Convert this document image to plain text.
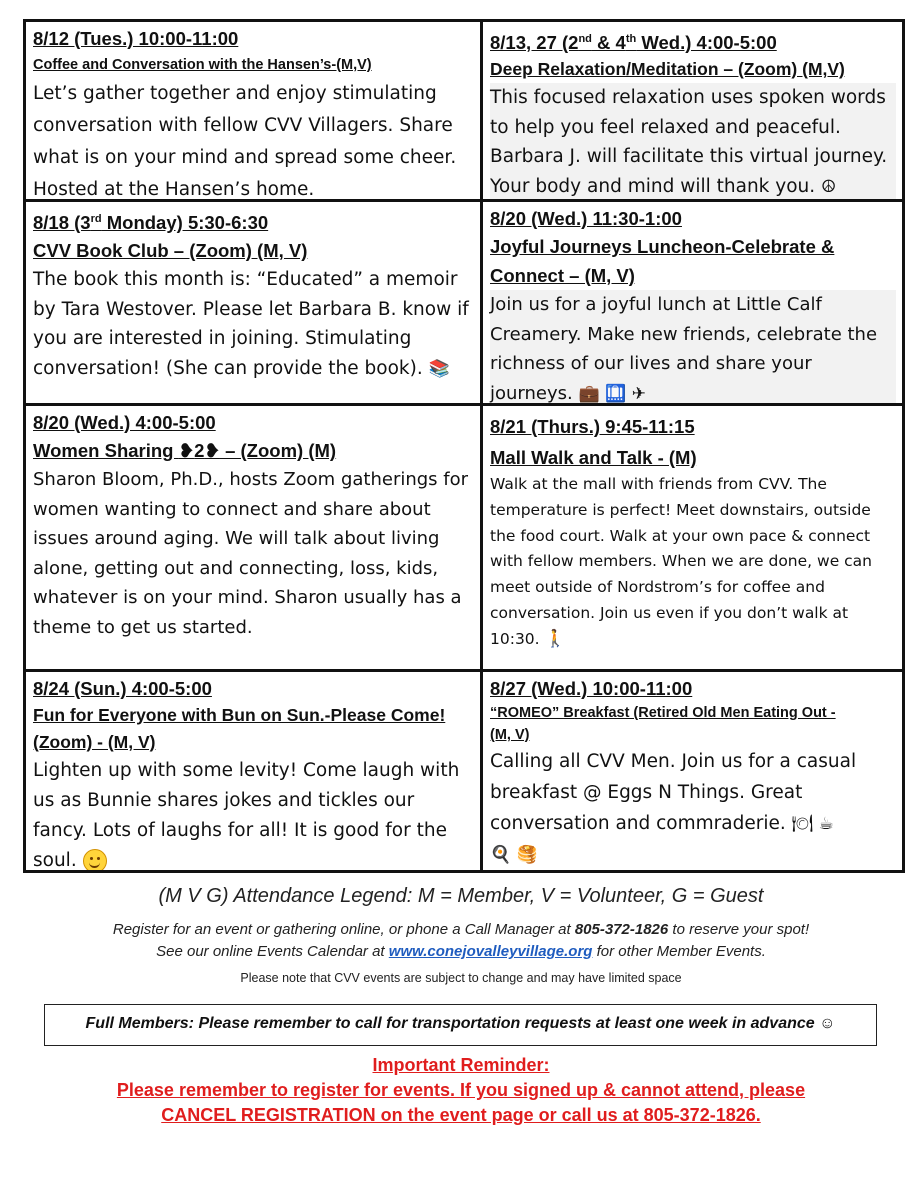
8/12 (Tues.) 10:00-11:00
Coffee and Conversation with the Hansen’s-(M,V)
Let’s gather together and enjoy stimulating conversation with fellow CVV Villagers. Share what is on your mind and spread some cheer. Hosted at the Hansen’s home.
8/13, 27 (2nd & 4th Wed.) 4:00-5:00
Deep Relaxation/Meditation – (Zoom) (M,V)
This focused relaxation uses spoken words to help you feel relaxed and peaceful. Barbara J. will facilitate this virtual journey. Your body and mind will thank you. ☮
8/18 (3rd Monday) 5:30-6:30
CVV Book Club – (Zoom) (M, V)
The book this month is: “Educated” a memoir by Tara Westover. Please let Barbara B. know if you are interested in joining. Stimulating conversation! (She can provide the book). 📚
8/20 (Wed.) 11:30-1:00
Joyful Journeys Luncheon-Celebrate &
Connect – (M, V)
Join us for a joyful lunch at Little Calf Creamery. Make new friends, celebrate the richness of our lives and share your journeys. 💼 🛄 ✈
8/20 (Wed.) 4:00-5:00
Women Sharing ❥2❥ – (Zoom) (M)
Sharon Bloom, Ph.D., hosts Zoom gatherings for women wanting to connect and share about issues around aging. We will talk about living alone, getting out and connecting, loss, kids, whatever is on your mind. Sharon usually has a theme to get us started.
8/21 (Thurs.) 9:45-11:15
Mall Walk and Talk - (M)
Walk at the mall with friends from CVV. The temperature is perfect! Meet downstairs, outside the food court. Walk at your own pace & connect with fellow members. When we are done, we can meet outside of Nordstrom’s for coffee and conversation. Join us even if you don’t walk at 10:30. 🚶
8/24 (Sun.) 4:00-5:00
Fun for Everyone with Bun on Sun.-Please Come!
(Zoom) - (M, V)
Lighten up with some levity! Come laugh with us as Bunnie shares jokes and tickles our fancy. Lots of laughs for all! It is good for the soul.
8/27 (Wed.) 10:00-11:00
“ROMEO” Breakfast (Retired Old Men Eating Out -
(M, V)
Calling all CVV Men. Join us for a casual breakfast @ Eggs N Things. Great conversation and commraderie. 🍽 ☕
🍳 🥞
(M V G) Attendance Legend: M = Member, V = Volunteer, G = Guest
Register for an event or gathering online, or phone a Call Manager at 805-372-1826 to reserve your spot!
See our online Events Calendar at www.conejovalleyvillage.org for other Member Events.
Please note that CVV events are subject to change and may have limited space
Full Members: Please remember to call for transportation requests at least one week in advance ☺
Important Reminder:
Please remember to register for events. If you signed up & cannot attend, please
CANCEL REGISTRATION on the event page or call us at 805-372-1826.
